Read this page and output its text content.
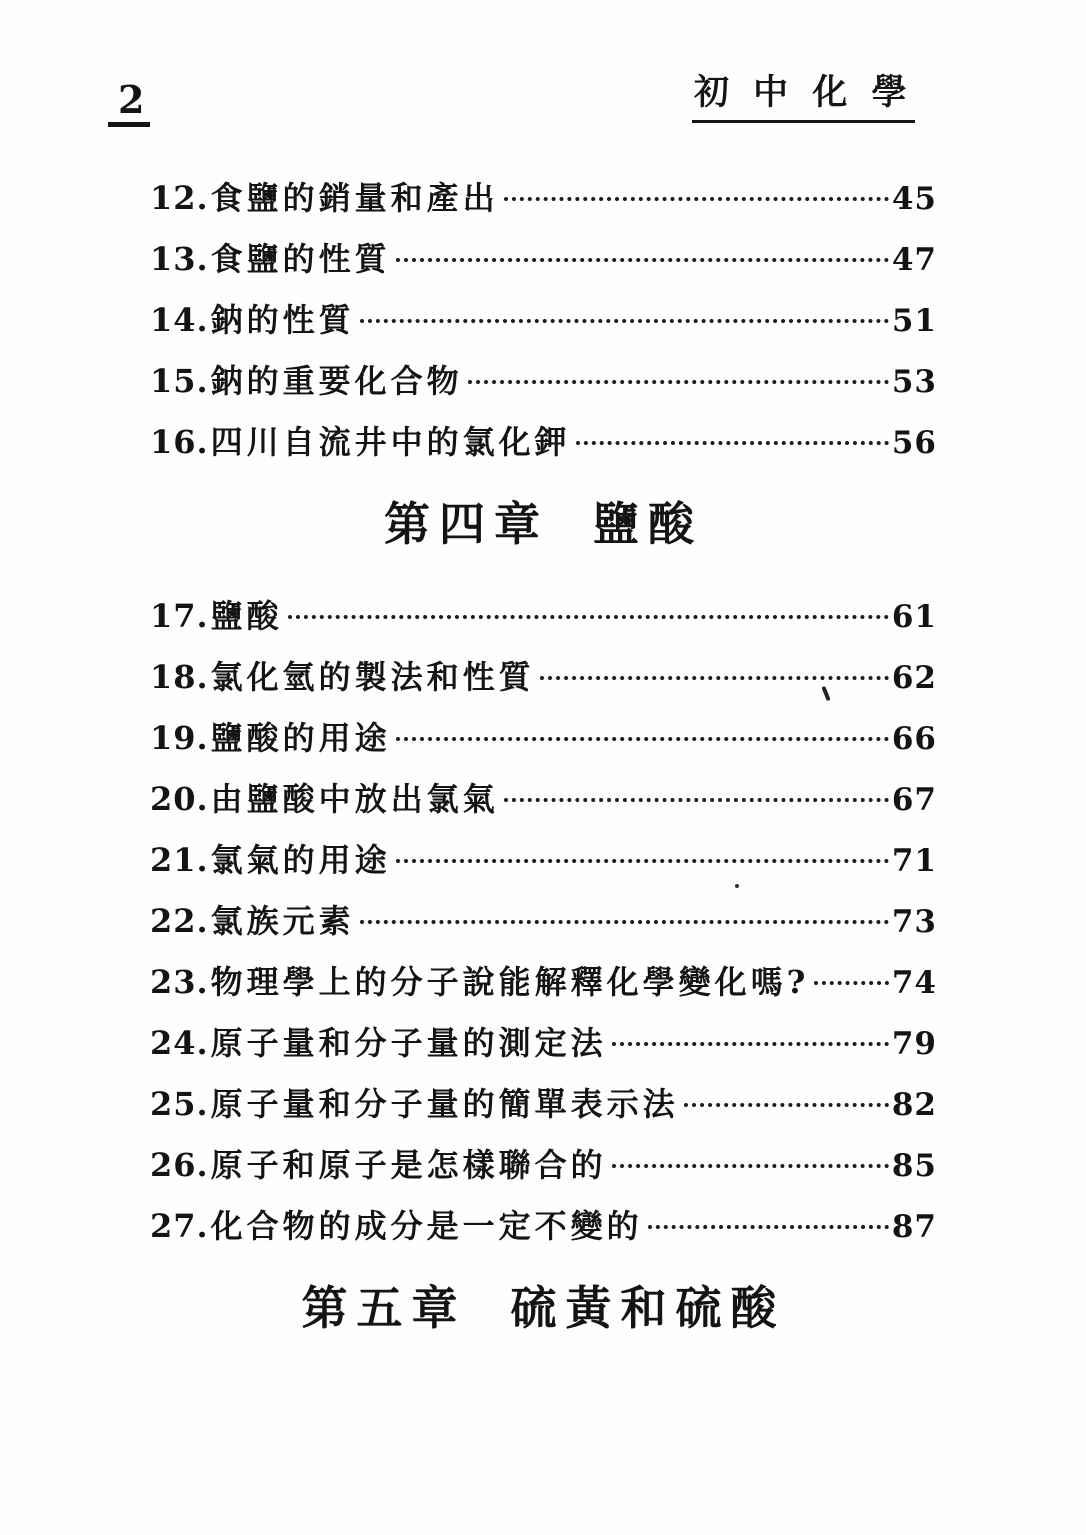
2	初 中 化 學
12.食鹽的銷量和產出	45
13.食鹽的性質	47
14.鈉的性質	51
15.鈉的重要化合物	53
16.四川自流井中的氯化鉀	56
第四章 鹽酸
17.鹽酸	61
18.氯化氫的製法和性質	62
19.鹽酸的用途	66
20.由鹽酸中放出氯氣	67
21.氯氣的用途	71
22.氯族元素	73
23.物理學上的分子說能解釋化學變化嗎?	74
24.原子量和分子量的測定法	79
25.原子量和分子量的簡單表示法	82
26.原子和原子是怎樣聯合的	85
27.化合物的成分是一定不變的	87
第五章 硫黃和硫酸
